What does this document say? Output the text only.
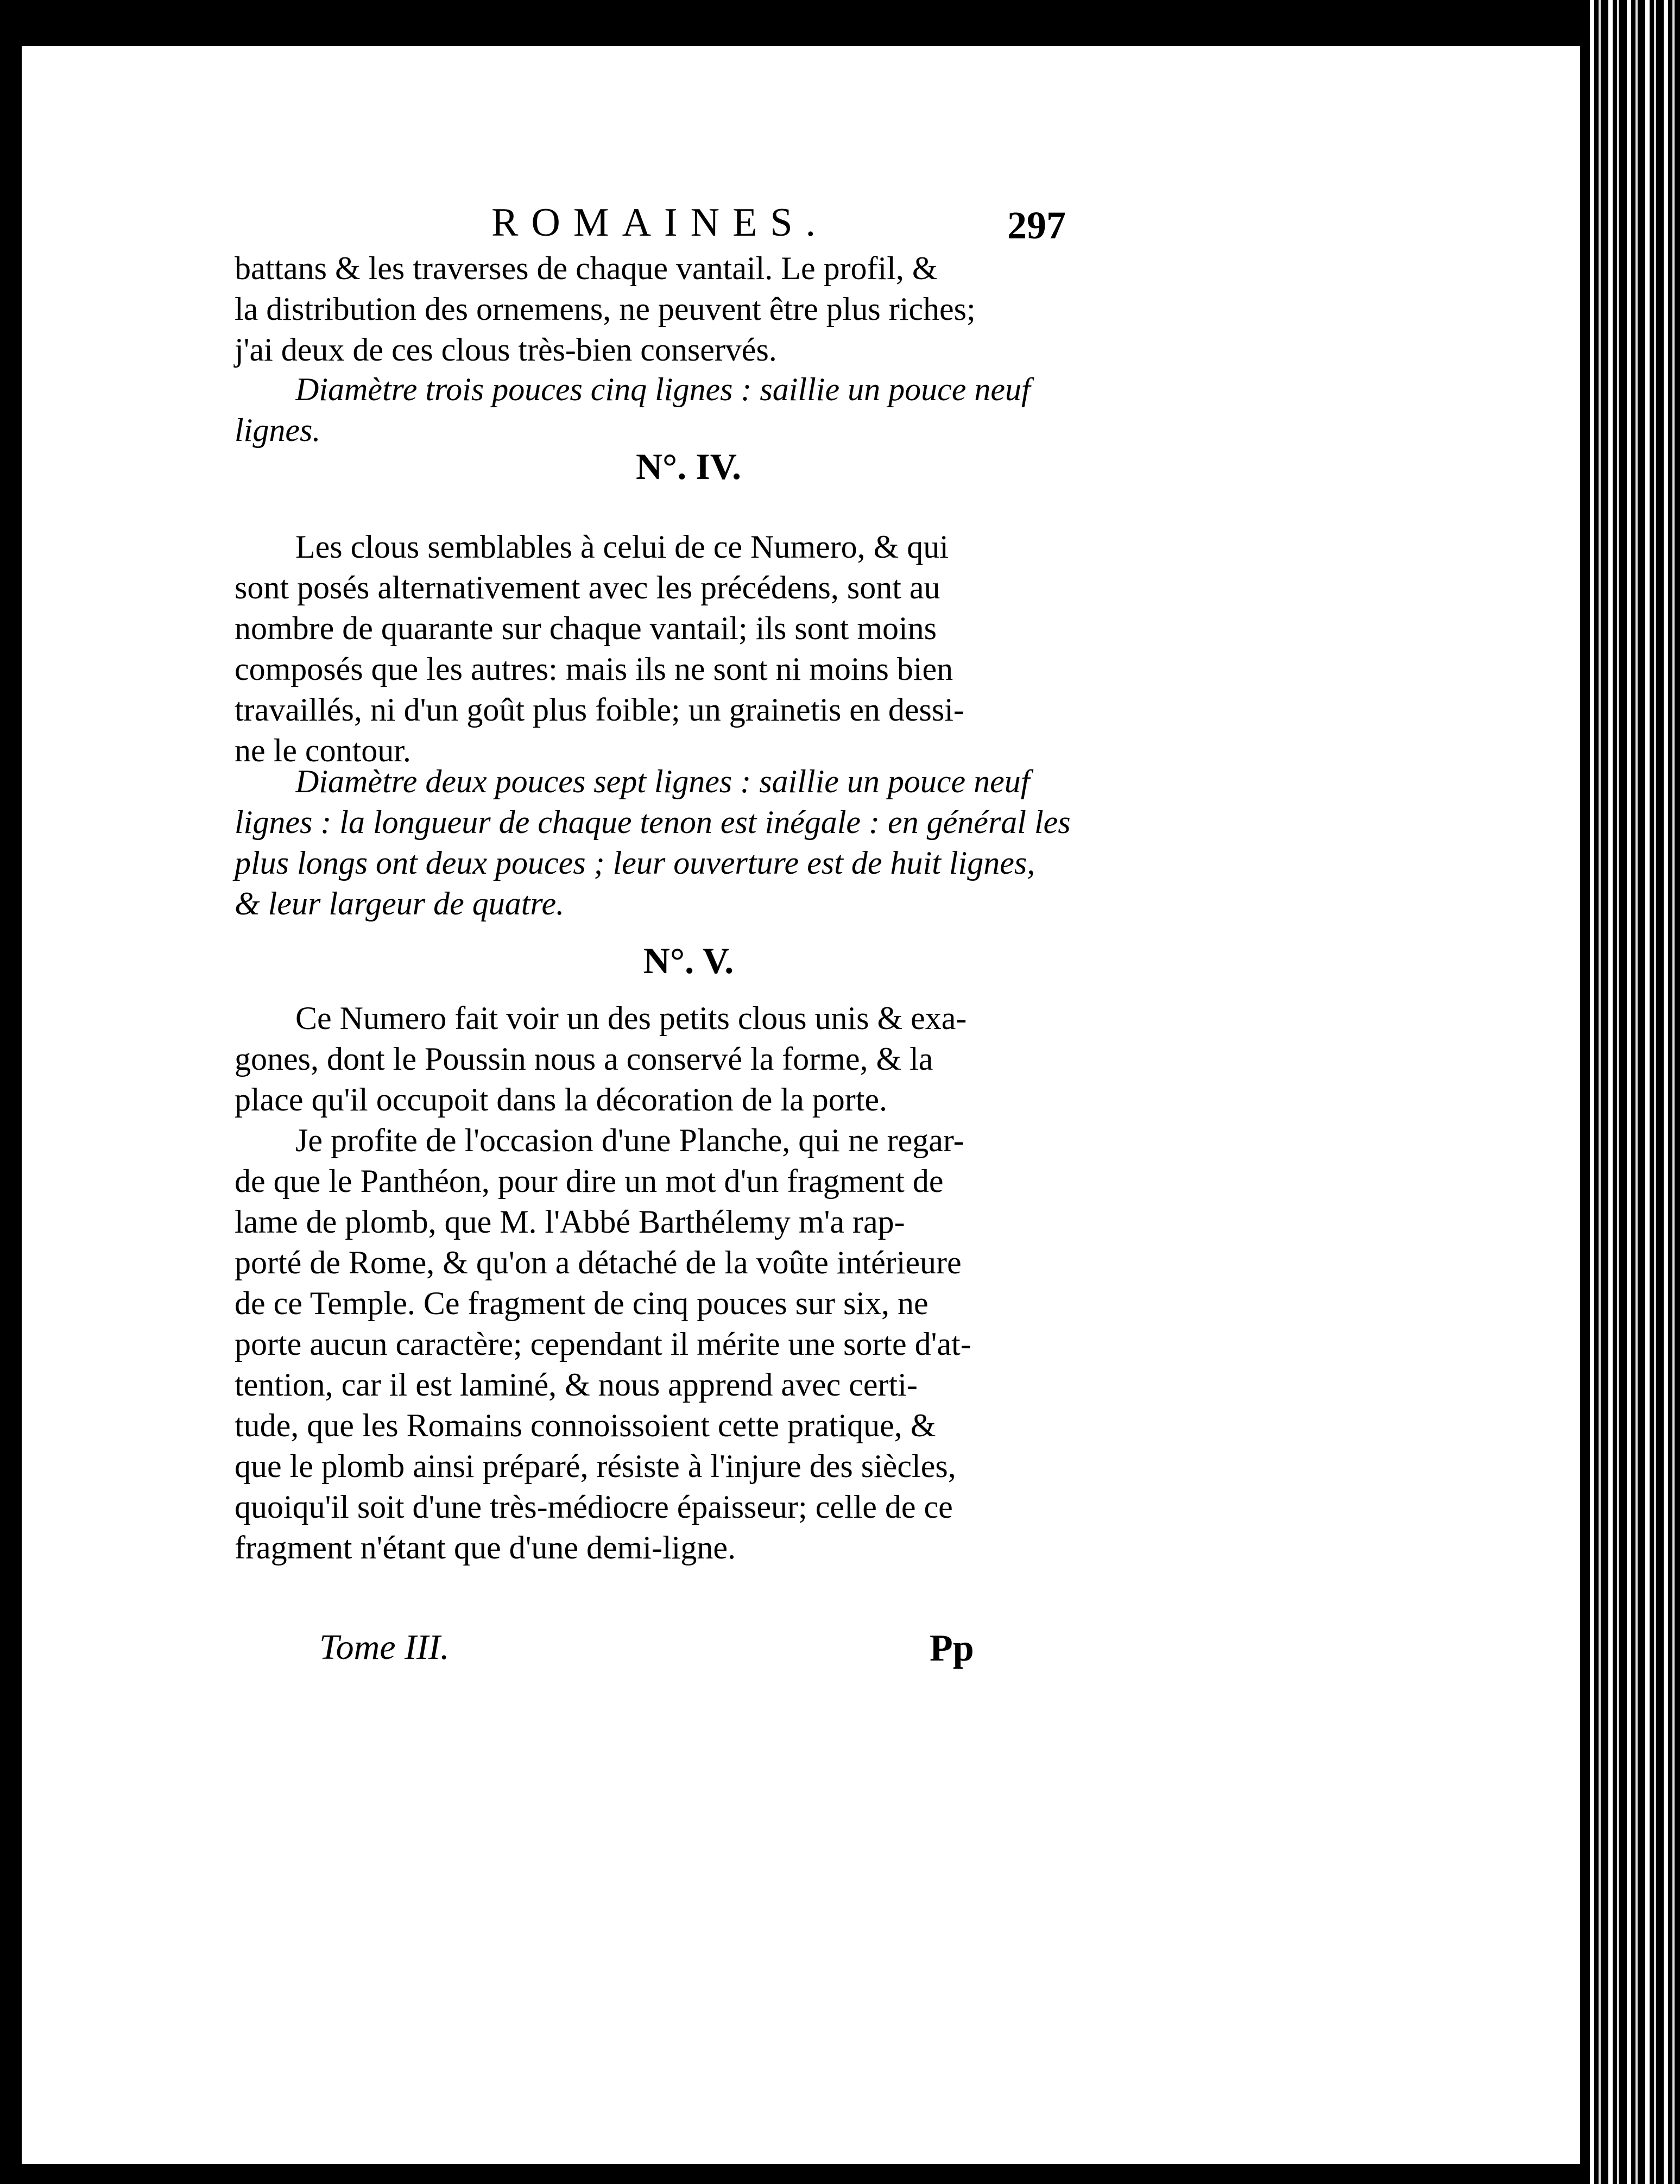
ROMAINES.	297
battans & les traverses de chaque vantail. Le profil, &
la distribution des ornemens, ne peuvent être plus riches;
j'ai deux de ces clous très-bien conservés.
Diamètre trois pouces cinq lignes : saillie un pouce neuf
lignes.
N°. IV.
Les clous semblables à celui de ce Numero, & qui
sont posés alternativement avec les précédens, sont au
nombre de quarante sur chaque vantail; ils sont moins
composés que les autres: mais ils ne sont ni moins bien
travaillés, ni d'un goût plus foible; un grainetis en dessi-
ne le contour.
Diamètre deux pouces sept lignes : saillie un pouce neuf
lignes : la longueur de chaque tenon est inégale : en général les
plus longs ont deux pouces ; leur ouverture est de huit lignes,
& leur largeur de quatre.
N°. V.
Ce Numero fait voir un des petits clous unis & exa-
gones, dont le Poussin nous a conservé la forme, & la
place qu'il occupoit dans la décoration de la porte.
Je profite de l'occasion d'une Planche, qui ne regar-
de que le Panthéon, pour dire un mot d'un fragment de
lame de plomb, que M. l'Abbé Barthélemy m'a rap-
porté de Rome, & qu'on a détaché de la voûte intérieure
de ce Temple. Ce fragment de cinq pouces sur six, ne
porte aucun caractère; cependant il mérite une sorte d'at-
tention, car il est laminé, & nous apprend avec certi-
tude, que les Romains connoissoient cette pratique, &
que le plomb ainsi préparé, résiste à l'injure des siècles,
quoiqu'il soit d'une très-médiocre épaisseur; celle de ce
fragment n'étant que d'une demi-ligne.
Tome III.	Pp
